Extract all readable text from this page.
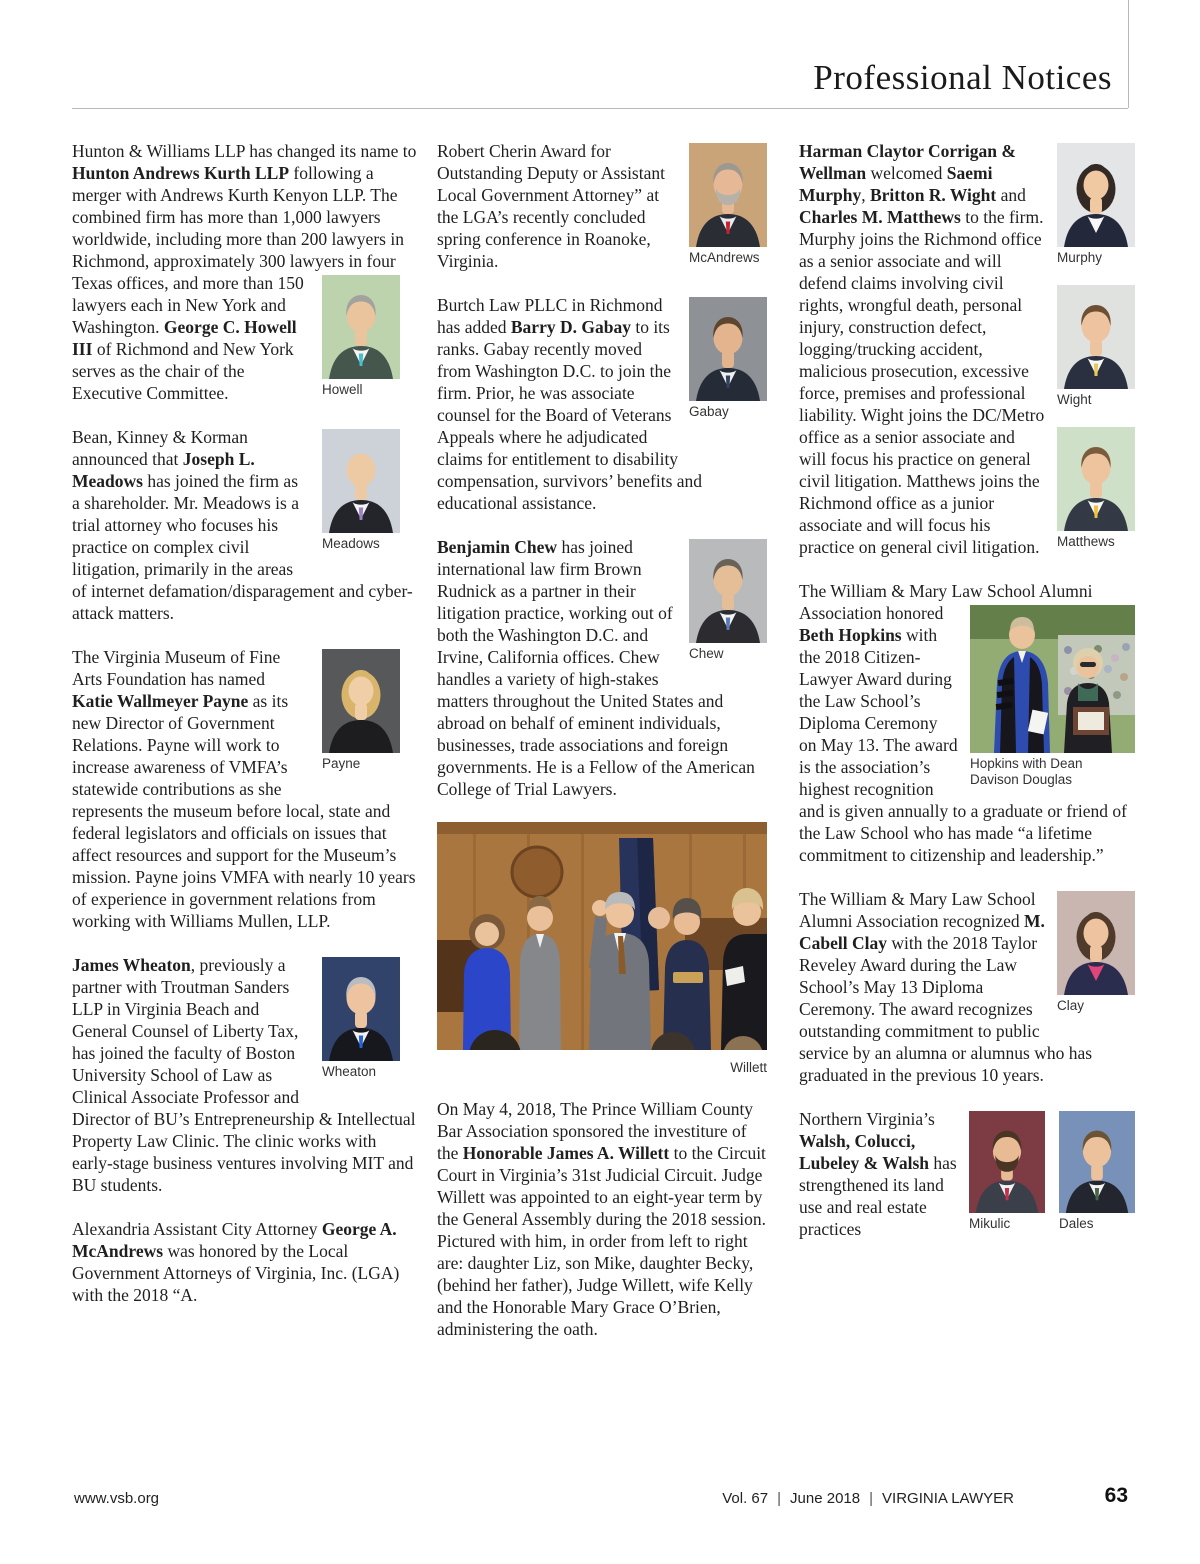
Professional Notices
Hunton & Williams LLP has changed its name to Hunton Andrews Kurth LLP following a merger with Andrews Kurth Kenyon LLP. The combined firm has more than 1,000 lawyers worldwide, including more than 200 lawyers in Richmond, approximately 300 lawyers in
Howell
four Texas offices, and more than 150 lawyers each in New York and Washington. George C. Howell III of Richmond and New York serves as the chair of the Executive Committee.
Meadows
Bean, Kinney & Korman announced that Joseph L. Meadows has joined the firm as a shareholder. Mr. Meadows is a trial attorney who focuses his practice on complex civil litigation, primarily in the areas of internet defamation/disparagement and cyber-attack matters.
Payne
The Virginia Museum of Fine Arts Foundation has named Katie Wallmeyer Payne as its new Director of Government Relations. Payne will work to increase awareness of VMFA’s statewide contributions as she represents the museum before local, state and federal legislators and officials on issues that affect resources and support for the Museum’s mission. Payne joins VMFA with nearly 10 years of experience in government relations from working with Williams Mullen, LLP.
Wheaton
James Wheaton, previously a partner with Troutman Sanders LLP in Virginia Beach and General Counsel of Liberty Tax, has joined the faculty of Boston University School of Law as Clinical Associate Professor and Director of BU’s Entrepreneurship & Intellectual Property Law Clinic. The clinic works with early-stage business ventures involving MIT and BU students.
Alexandria Assistant City Attorney George A. McAndrews was honored by the Local Government Attorneys of Virginia, Inc. (LGA) with the 2018 “A.
McAndrews
Robert Cherin Award for Outstanding Deputy or Assistant Local Government Attorney” at the LGA’s recently concluded spring conference in Roanoke, Virginia.
Gabay
Burtch Law PLLC in Richmond has added Barry D. Gabay to its ranks. Gabay recently moved from Washington D.C. to join the firm. Prior, he was associate counsel for the Board of Veterans Appeals where he adjudicated claims for entitlement to disability compensation, survivors’ benefits and educational assistance.
Chew
Benjamin Chew has joined international law firm Brown Rudnick as a partner in their litigation practice, working out of both the Washington D.C. and Irvine, California offices. Chew handles a variety of high-stakes matters throughout the United States and abroad on behalf of eminent individuals, businesses, trade associations and foreign governments. He is a Fellow of the American College of Trial Lawyers.
Willett
On May 4, 2018, The Prince William County Bar Association sponsored the investiture of the Honorable James A. Willett to the Circuit Court in Virginia’s 31st Judicial Circuit. Judge Willett was appointed to an eight-year term by the General Assembly during the 2018 session. Pictured with him, in order from left to right are: daughter Liz, son Mike, daughter Becky, (behind her father), Judge Willett, wife Kelly and the Honorable Mary Grace O’Brien, administering the oath.
Murphy
Harman Claytor Corrigan & Wellman welcomed Saemi Murphy, Britton R. Wight and Charles M. Matthews to the firm.
Wight
Murphy joins the Richmond office as a senior associate and will defend claims involving civil rights, wrongful death, personal injury, construction defect, logging/
Matthews
trucking accident, malicious prosecution, excessive force, premises and professional liability. Wight joins the DC/Metro office as a senior associate and will focus his practice on general civil litigation. Matthews joins the Richmond office as a junior associate and will focus his practice on general civil litigation.
The William & Mary Law School Alumni Association honored
Hopkins with Dean Davison Douglas
Beth Hopkins with the 2018 Citizen-Lawyer Award during the Law School’s Diploma Ceremony on May 13. The award is the association’s highest recognition and is given annually to a graduate or friend of the Law School who has made “a lifetime commitment to citizenship and leadership.”
Clay
The William & Mary Law School Alumni Association recognized M. Cabell Clay with the 2018 Taylor Reveley Award during the Law School’s May 13 Diploma Ceremony. The award recognizes outstanding commitment to public service by an alumna or alumnus who has graduated in the previous 10 years.
Mikulic	Dales
Northern Virginia’s Walsh, Colucci, Lubeley & Walsh has strengthened its land use and real estate practices
www.vsb.org	Vol. 67 | June 2018 | VIRGINIA LAWYER	63
